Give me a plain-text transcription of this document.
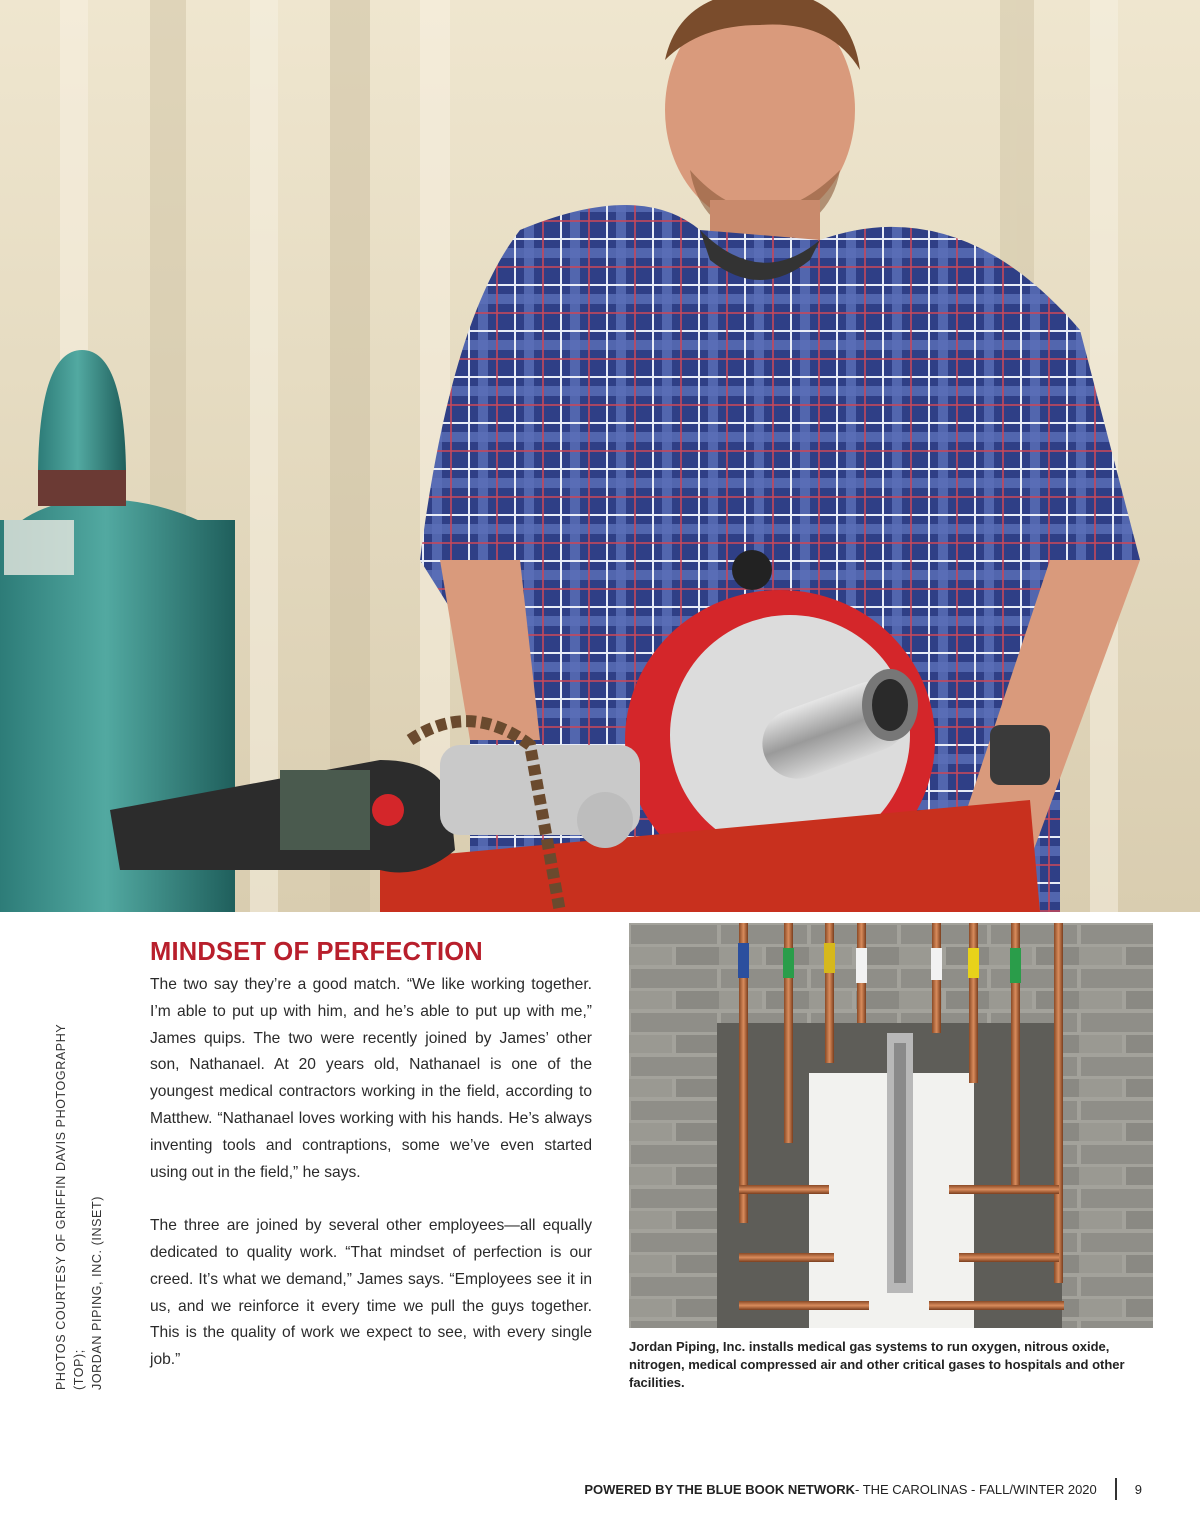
PHOTOS COURTESY OF GRIFFIN DAVIS PHOTOGRAPHY (TOP); JORDAN PIPING, INC. (INSET)
MINDSET OF PERFECTION

The two say they’re a good match. “We like working together. I’m able to put up with him, and he’s able to put up with me,” James quips. The two were recently joined by James’ other son, Nathanael. At 20 years old, Nathanael is one of the youngest medical contractors working in the field, according to Matthew. “Nathanael loves working with his hands. He’s always inventing tools and contraptions, some we’ve even started using out in the field,” he says.

The three are joined by several other employees—all equally dedicated to quality work. “That mindset of perfection is our creed. It’s what we demand,” James says. “Employees see it in us, and we reinforce it every time we pull the guys together. This is the quality of work we expect to see, with every single job.”

Jordan Piping, Inc. installs medical gas systems to run oxygen, nitrous oxide, nitrogen, medical compressed air and other critical gases to hospitals and other facilities.
POWERED BY THE BLUE BOOK NETWORK - THE CAROLINAS - FALL/WINTER 2020	9
